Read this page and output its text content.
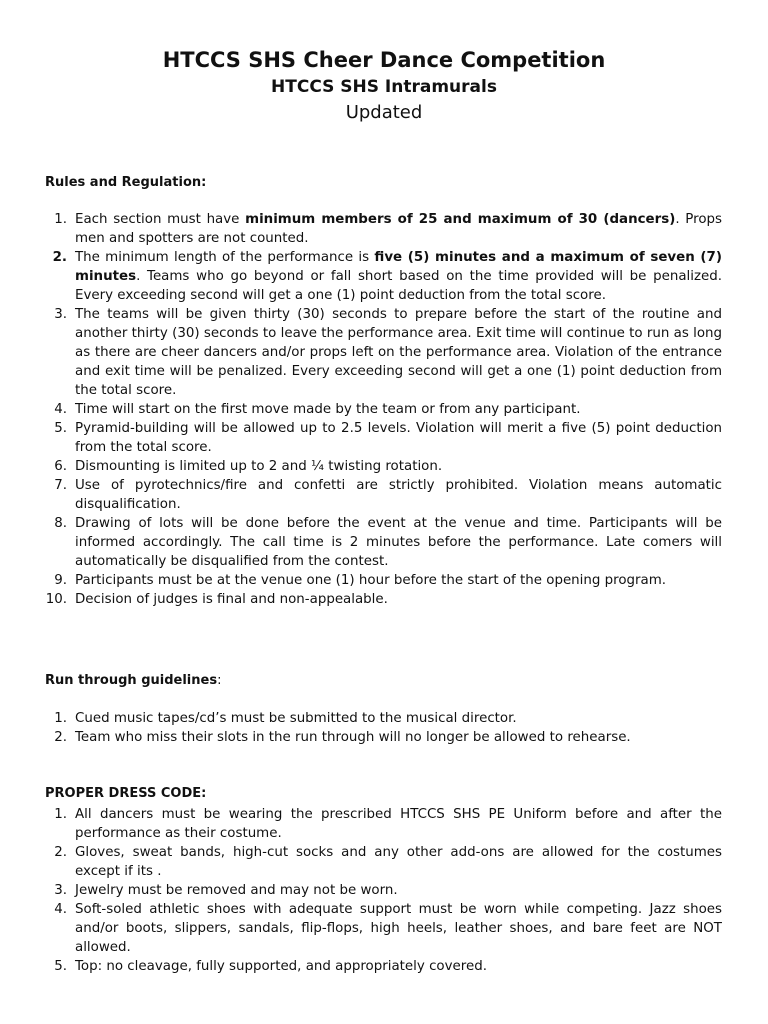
HTCCS SHS Cheer Dance Competition
HTCCS SHS Intramurals
Updated
Rules and Regulation:
1. Each section must have minimum members of 25 and maximum of 30 (dancers). Props men and spotters are not counted.
2. The minimum length of the performance is five (5) minutes and a maximum of seven (7) minutes. Teams who go beyond or fall short based on the time provided will be penalized. Every exceeding second will get a one (1) point deduction from the total score.
3. The teams will be given thirty (30) seconds to prepare before the start of the routine and another thirty (30) seconds to leave the performance area. Exit time will continue to run as long as there are cheer dancers and/or props left on the performance area. Violation of the entrance and exit time will be penalized. Every exceeding second will get a one (1) point deduction from the total score.
4. Time will start on the first move made by the team or from any participant.
5. Pyramid-building will be allowed up to 2.5 levels. Violation will merit a five (5) point deduction from the total score.
6. Dismounting is limited up to 2 and ¼ twisting rotation.
7. Use of pyrotechnics/fire and confetti are strictly prohibited. Violation means automatic disqualification.
8. Drawing of lots will be done before the event at the venue and time. Participants will be informed accordingly. The call time is 2 minutes before the performance. Late comers will automatically be disqualified from the contest.
9. Participants must be at the venue one (1) hour before the start of the opening program.
10. Decision of judges is final and non-appealable.
Run through guidelines:
1. Cued music tapes/cd’s must be submitted to the musical director.
2. Team who miss their slots in the run through will no longer be allowed to rehearse.
PROPER DRESS CODE:
1. All dancers must be wearing the prescribed HTCCS SHS PE Uniform before and after the performance as their costume.
2. Gloves, sweat bands, high-cut socks and any other add-ons are allowed for the costumes except if its .
3. Jewelry must be removed and may not be worn.
4. Soft-soled athletic shoes with adequate support must be worn while competing. Jazz shoes and/or boots, slippers, sandals, flip-flops, high heels, leather shoes, and bare feet are NOT allowed.
5. Top: no cleavage, fully supported, and appropriately covered.
